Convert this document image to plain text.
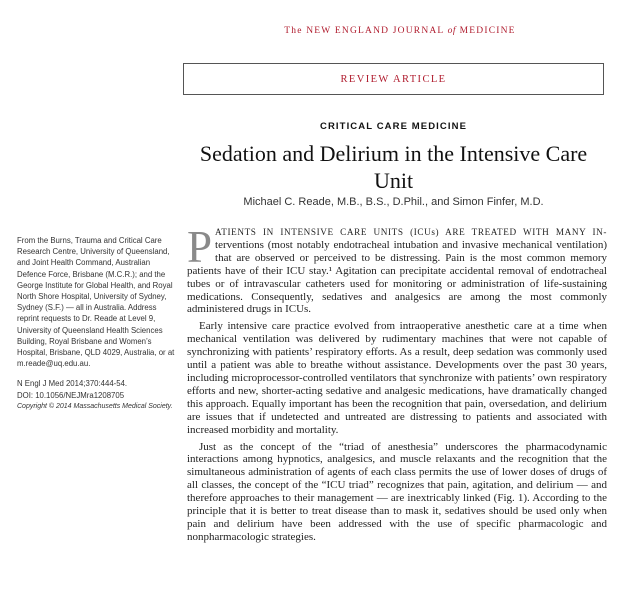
The NEW ENGLAND JOURNAL of MEDICINE
REVIEW ARTICLE
CRITICAL CARE MEDICINE
Sedation and Delirium in the Intensive Care Unit
Michael C. Reade, M.B., B.S., D.Phil., and Simon Finfer, M.D.

From the Burns, Trauma and Critical Care Research Centre, University of Queensland, and Joint Health Command, Australian Defence Force, Brisbane (M.C.R.); and the George Institute for Global Health, and Royal North Shore Hospital, University of Sydney, Sydney (S.F.) — all in Australia. Address reprint requests to Dr. Reade at Level 9, University of Queensland Health Sciences Building, Royal Brisbane and Women’s Hospital, Brisbane, QLD 4029, Australia, or at m.reade@uq.edu.au.

N Engl J Med 2014;370:444-54.

DOI: 10.1056/NEJMra1208705

Copyright © 2014 Massachusetts Medical Society.

PATIENTS IN INTENSIVE CARE UNITS (ICUs) ARE TREATED WITH MANY IN- terventions (most notably endotracheal intubation and invasive mechanical ventilation) that are observed or perceived to be distressing. Pain is the most common memory patients have of their ICU stay.¹ Agitation can precipitate accidental removal of endotracheal tubes or of intravascular catheters used for monitoring or administration of life-sustaining medications. Consequently, sedatives and analgesics are among the most commonly administered drugs in ICUs.

Early intensive care practice evolved from intraoperative anesthetic care at a time when mechanical ventilation was delivered by rudimentary machines that were not capable of synchronizing with patients’ respiratory efforts. As a result, deep sedation was commonly used until a patient was able to breathe without assistance. Developments over the past 30 years, including microprocessor-controlled ventilators that synchronize with patients’ own respiratory efforts and new, shorter-acting sedative and analgesic medications, have dramatically changed this approach. Equally important has been the recognition that pain, oversedation, and delirium are issues that if undetected and untreated are distressing to patients and associated with increased morbidity and mortality.

Just as the concept of the “triad of anesthesia” underscores the pharmacodynamic interactions among hypnotics, analgesics, and muscle relaxants and the recognition that the simultaneous administration of agents of each class permits the use of lower doses of drugs of all classes, the concept of the “ICU triad” recognizes that pain, agitation, and delirium — and therefore approaches to their management — are inextricably linked (Fig. 1). According to the principle that it is better to treat disease than to mask it, sedatives should be used only when pain and delirium have been addressed with the use of specific pharmacologic and nonpharmacologic strategies.
